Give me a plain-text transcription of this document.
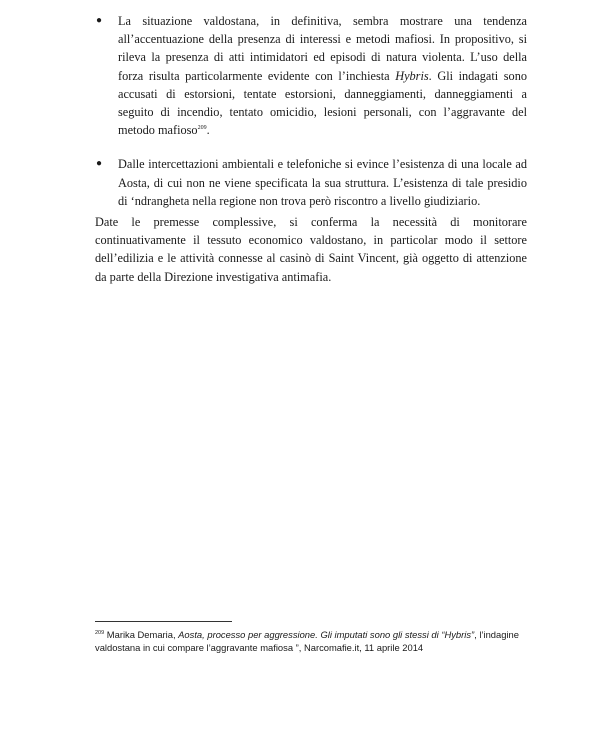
● La situazione valdostana, in definitiva, sembra mostrare una tendenza all’accentuazione della presenza di interessi e metodi mafiosi. In propositivo, si rileva la presenza di atti intimidatori ed episodi di natura violenta. L’uso della forza risulta particolarmente evidente con l’inchiesta Hybris. Gli indagati sono accusati di estorsioni, tentate estorsioni, danneggiamenti, danneggiamenti a seguito di incendio, tentato omicidio, lesioni personali, con l’aggravante del metodo mafioso$^{209}$.
● Dalle intercettazioni ambientali e telefoniche si evince l’esistenza di una locale ad Aosta, di cui non ne viene specificata la sua struttura. L’esistenza di tale presidio di ‘ndrangheta nella regione non trova però riscontro a livello giudiziario.

Date le premesse complessive, si conferma la necessità di monitorare continuativamente il tessuto economico valdostano, in particolar modo il settore dell’edilizia e le attività connesse al casinò di Saint Vincent, già oggetto di attenzione da parte della Direzione investigativa antimafia.

$^{209}$ Marika Demaria, Aosta, processo per aggressione. Gli imputati sono gli stessi di “Hybris”, l’indagine valdostana in cui compare l’aggravante mafiosa ”, Narcomafie.it, 11 aprile 2014
